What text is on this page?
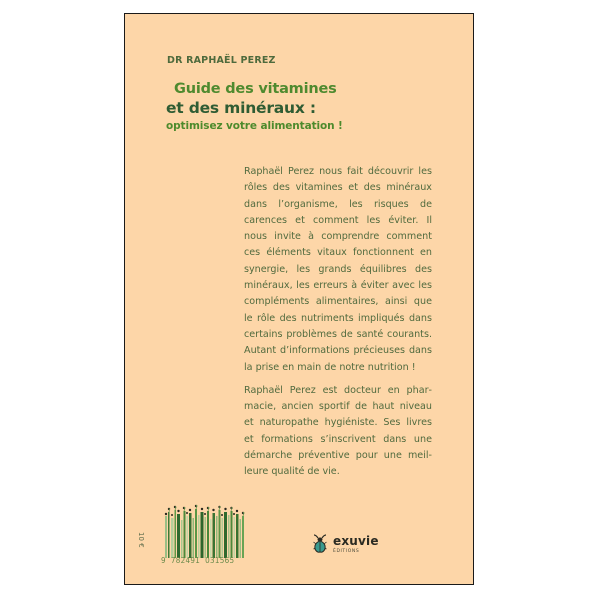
DR RAPHAËL PEREZ
Guide des vitamines
et des minéraux :
optimisez votre alimentation !

Raphaël Perez nous fait découvrir les rôles des vitamines et des minéraux dans l’organisme, les risques de carences et comment les éviter. Il nous invite à comprendre comment ces éléments vitaux fonctionnent en synergie, les grands équilibres des minéraux, les erreurs à éviter avec les compléments alimentaires, ainsi que le rôle des nutriments impliqués dans certains problèmes de santé courants. Autant d’informations précieuses dans la prise en main de notre nutrition !

Raphaël Perez est docteur en pharmacie, ancien sportif de haut niveau et naturopathe hygiéniste. Ses livres et formations s’inscrivent dans une démarche préventive pour une meilleure qualité de vie.

10 €
9 782491 031565
exuvie
ÉDITIONS
